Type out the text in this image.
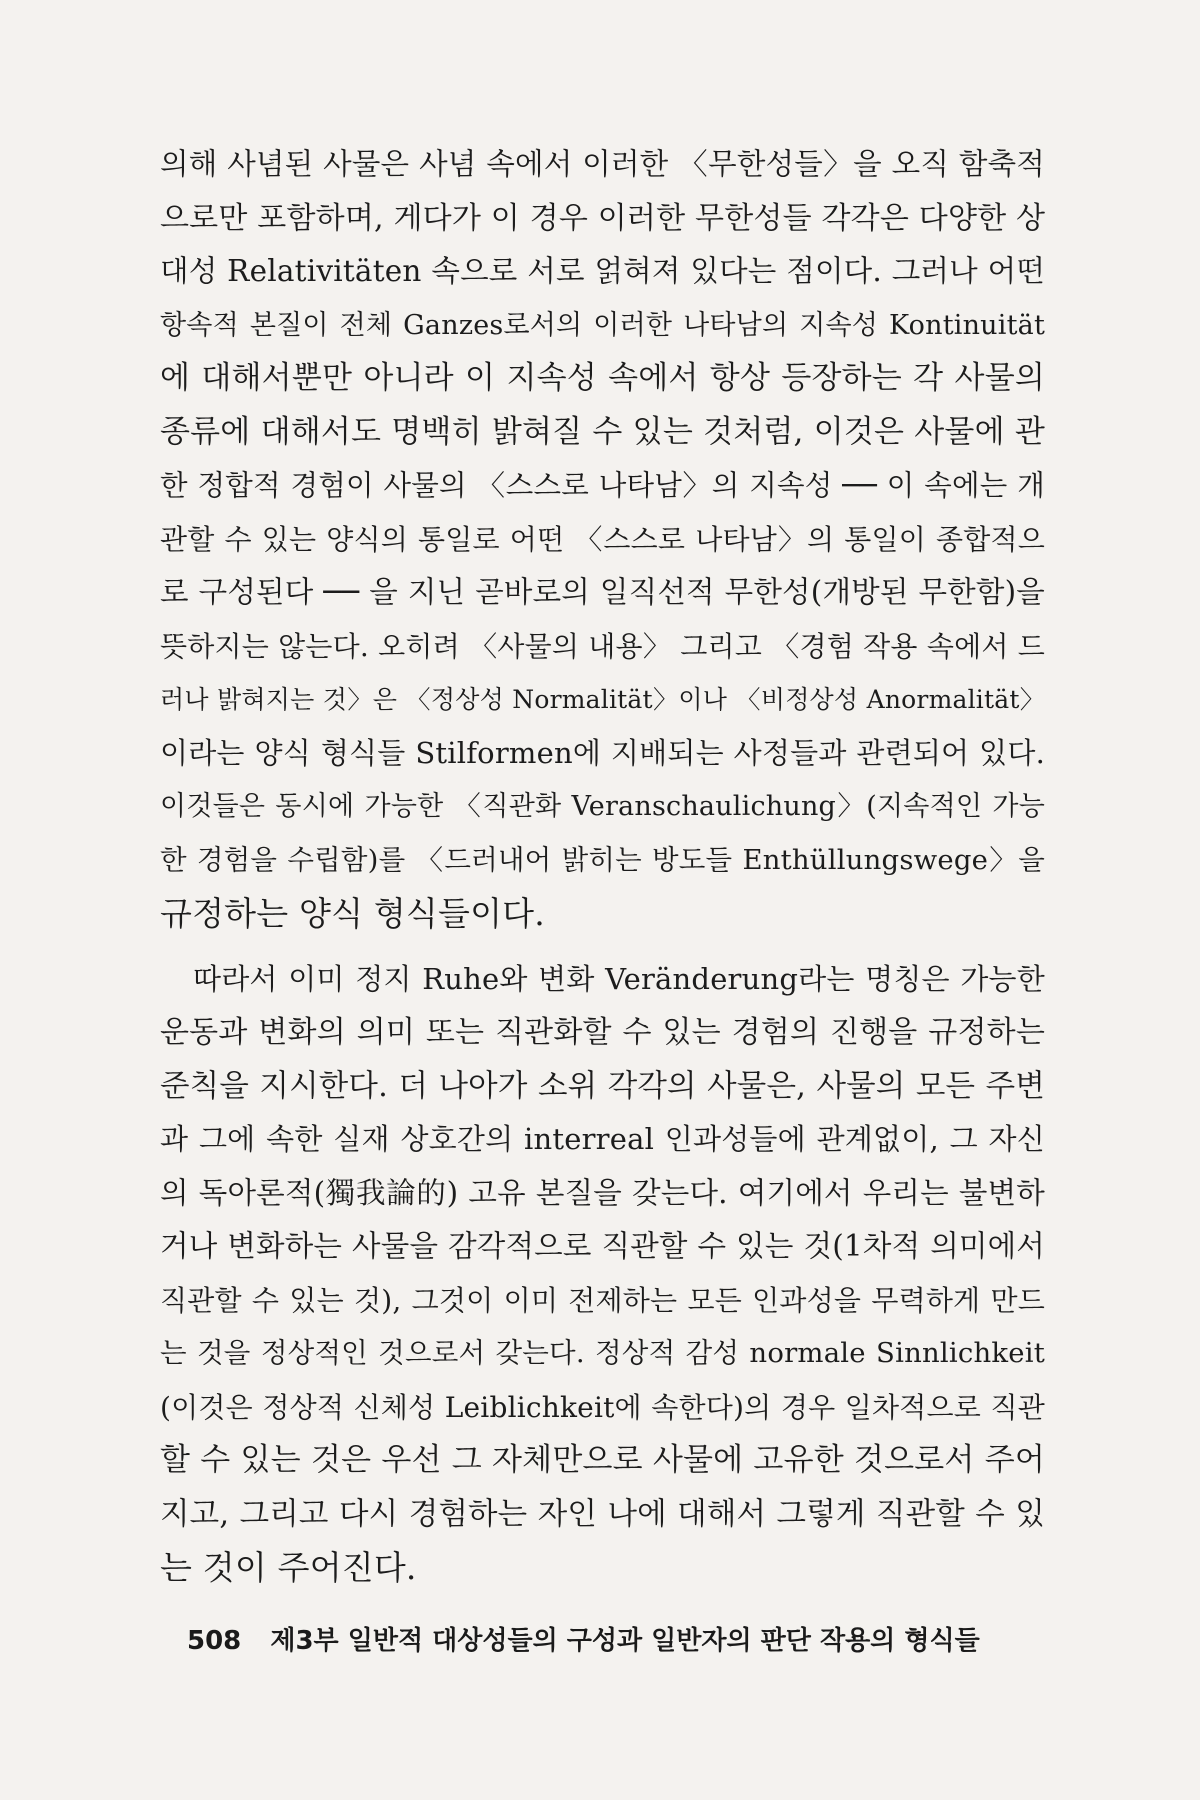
의해 사념된 사물은 사념 속에서 이러한 〈무한성들〉을 오직 함축적
으로만 포함하며, 게다가 이 경우 이러한 무한성들 각각은 다양한 상
대성 Relativitäten 속으로 서로 얽혀져 있다는 점이다. 그러나 어떤
항속적 본질이 전체 Ganzes로서의 이러한 나타남의 지속성 Kontinuität
에 대해서뿐만 아니라 이 지속성 속에서 항상 등장하는 각 사물의
종류에 대해서도 명백히 밝혀질 수 있는 것처럼, 이것은 사물에 관
한 정합적 경험이 사물의 〈스스로 나타남〉의 지속성 ── 이 속에는 개
관할 수 있는 양식의 통일로 어떤 〈스스로 나타남〉의 통일이 종합적으
로 구성된다 ── 을 지닌 곧바로의 일직선적 무한성(개방된 무한함)을
뜻하지는 않는다. 오히려 〈사물의 내용〉 그리고 〈경험 작용 속에서 드
러나 밝혀지는 것〉은 〈정상성 Normalität〉이나 〈비정상성 Anormalität〉
이라는 양식 형식들 Stilformen에 지배되는 사정들과 관련되어 있다.
이것들은 동시에 가능한 〈직관화 Veranschaulichung〉(지속적인 가능
한 경험을 수립함)를 〈드러내어 밝히는 방도들 Enthüllungswege〉을
규정하는 양식 형식들이다.

따라서 이미 정지 Ruhe와 변화 Veränderung라는 명칭은 가능한
운동과 변화의 의미 또는 직관화할 수 있는 경험의 진행을 규정하는
준칙을 지시한다. 더 나아가 소위 각각의 사물은, 사물의 모든 주변
과 그에 속한 실재 상호간의 interreal 인과성들에 관계없이, 그 자신
의 독아론적(獨我論的) 고유 본질을 갖는다. 여기에서 우리는 불변하
거나 변화하는 사물을 감각적으로 직관할 수 있는 것(1차적 의미에서
직관할 수 있는 것), 그것이 이미 전제하는 모든 인과성을 무력하게 만드
는 것을 정상적인 것으로서 갖는다. 정상적 감성 normale Sinnlichkeit
(이것은 정상적 신체성 Leiblichkeit에 속한다)의 경우 일차적으로 직관
할 수 있는 것은 우선 그 자체만으로 사물에 고유한 것으로서 주어
지고, 그리고 다시 경험하는 자인 나에 대해서 그렇게 직관할 수 있
는 것이 주어진다.

508 제3부 일반적 대상성들의 구성과 일반자의 판단 작용의 형식들
